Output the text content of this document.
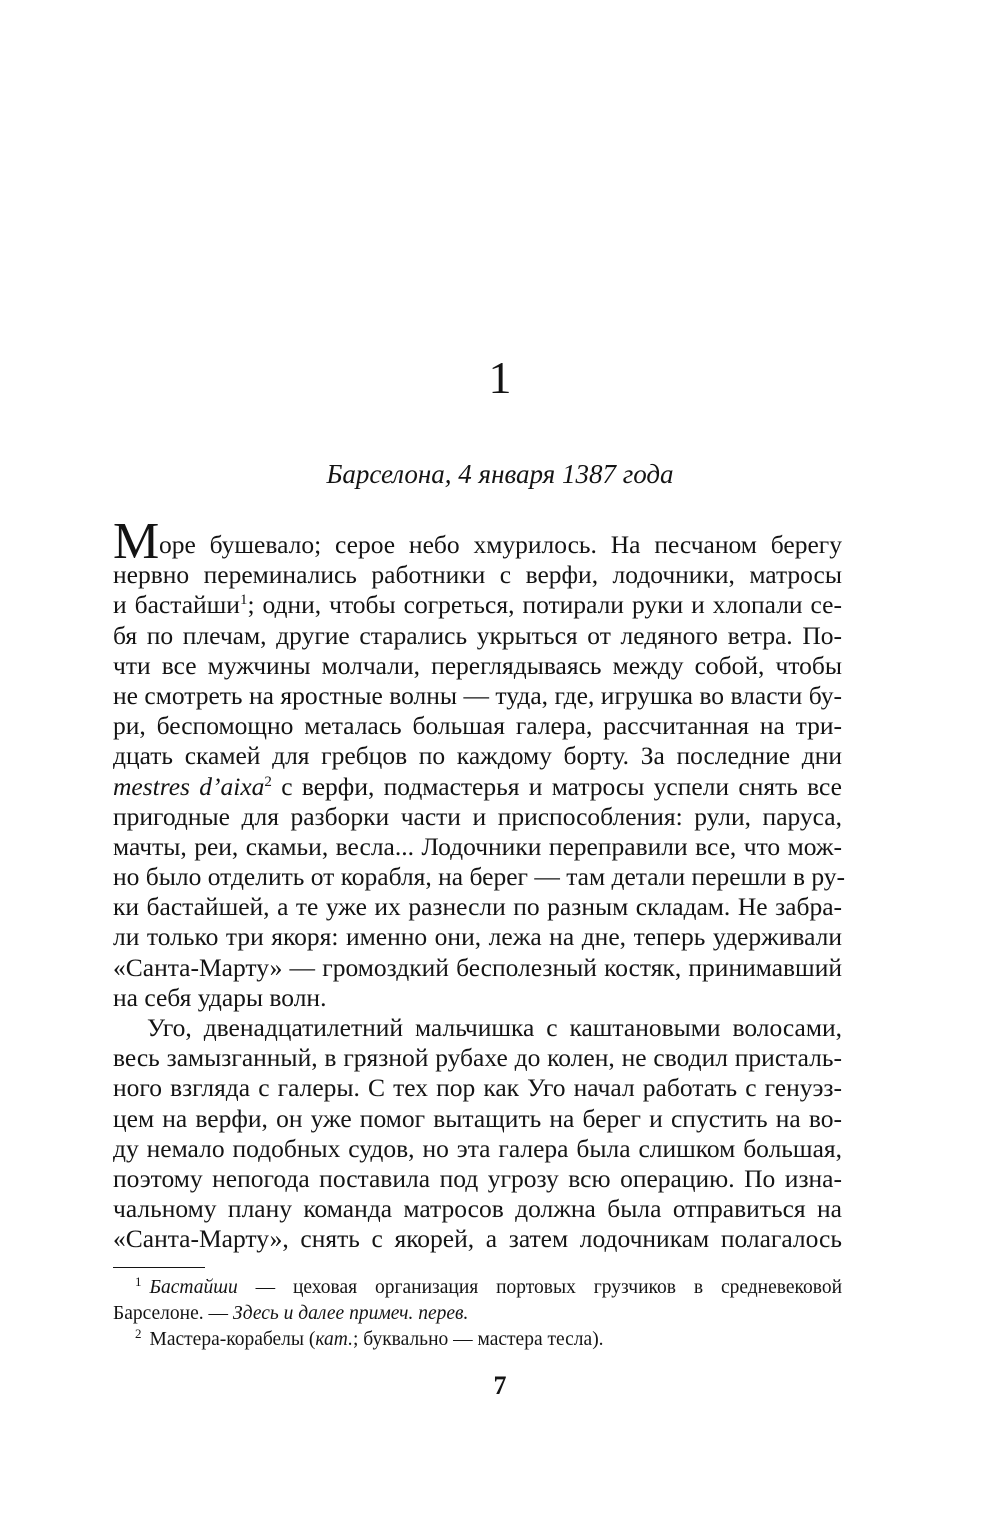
1
Барселона, 4 января 1387 года
М оре бушевало; серое небо хмурилось. На песчаном берегу
нервно переминались работники с верфи, лодочники, матросы
и бастайши$^1$; одни, чтобы согреться, потирали руки и хлопали се-
бя по плечам, другие старались укрыться от ледяного ветра. По-
чти все мужчины молчали, переглядываясь между собой, чтобы
не смотреть на яростные волны — туда, где, игрушка во власти бу-
ри, беспомощно металась большая галера, рассчитанная на три-
дцать скамей для гребцов по каждому борту. За последние дни
mestres d’aixa$^2$ с верфи, подмастерья и матросы успели снять все
пригодные для разборки части и приспособления: рули, паруса,
мачты, реи, скамьи, весла... Лодочники переправили все, что мож-
но было отделить от корабля, на берег — там детали перешли в ру-
ки бастайшей, а те уже их разнесли по разным складам. Не забра-
ли только три якоря: именно они, лежа на дне, теперь удерживали
«Санта-Марту» — громоздкий бесполезный костяк, принимавший
на себя удары волн.
Уго, двенадцатилетний мальчишка с каштановыми волосами,
весь замызганный, в грязной рубахе до колен, не сводил присталь-
ного взгляда с галеры. С тех пор как Уго начал работать с генуэз-
цем на верфи, он уже помог вытащить на берег и спустить на во-
ду немало подобных судов, но эта галера была слишком большая,
поэтому непогода поставила под угрозу всю операцию. По изна-
чальному плану команда матросов должна была отправиться на
«Санта-Марту», снять с якорей, а затем лодочникам полагалось
$^1$ Бастайши — цеховая организация портовых грузчиков в средневековой
Барселоне. — Здесь и далее примеч. перев.
$^2$ Мастера-корабелы (кат.; буквально — мастера тесла).
7
